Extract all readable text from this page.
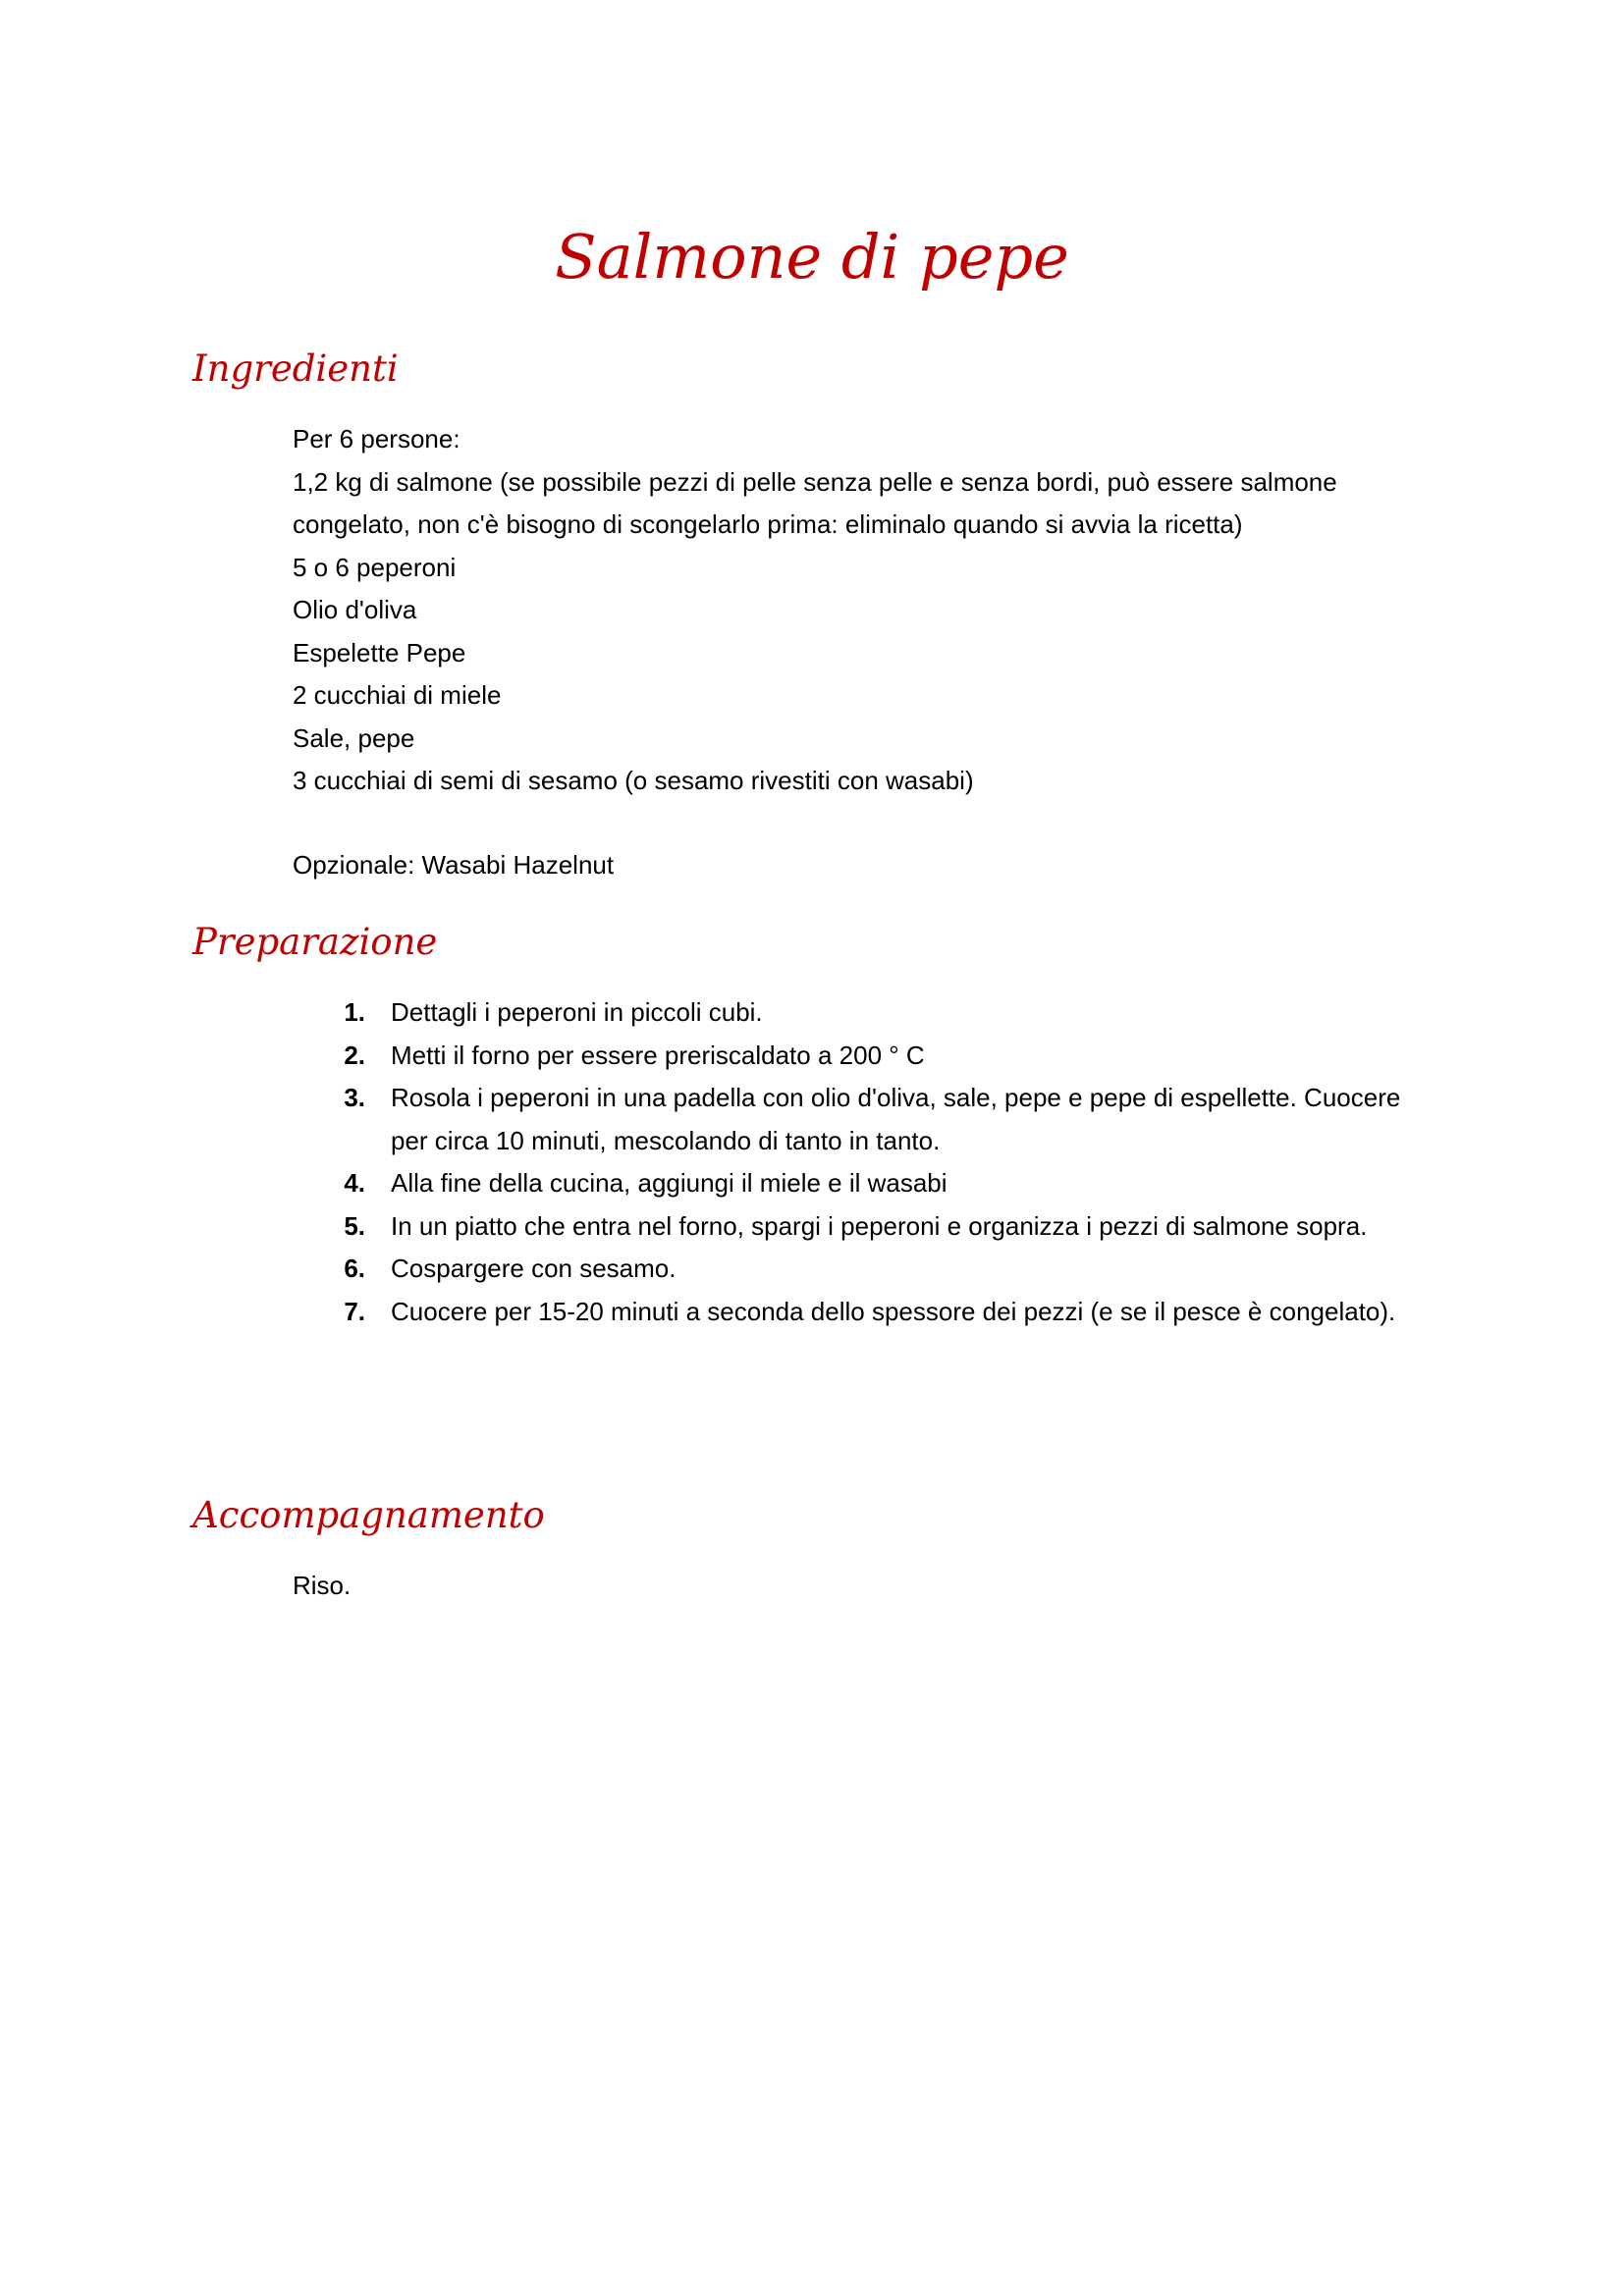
Salmone di pepe
Ingredienti
Per 6 persone:
1,2 kg di salmone (se possibile pezzi di pelle senza pelle e senza bordi, può essere salmone congelato, non c'è bisogno di scongelarlo prima: eliminalo quando si avvia la ricetta)
5 o 6 peperoni
Olio d'oliva
Espelette Pepe
2 cucchiai di miele
Sale, pepe
3 cucchiai di semi di sesamo (o sesamo rivestiti con wasabi)

Opzionale: Wasabi Hazelnut

Preparazione
1. Dettagli i peperoni in piccoli cubi.
2. Metti il forno per essere preriscaldato a 200 ° C
3. Rosola i peperoni in una padella con olio d'oliva, sale, pepe e pepe di espellette. Cuocere per circa 10 minuti, mescolando di tanto in tanto.
4. Alla fine della cucina, aggiungi il miele e il wasabi
5. In un piatto che entra nel forno, spargi i peperoni e organizza i pezzi di salmone sopra.
6. Cospargere con sesamo.
7. Cuocere per 15-20 minuti a seconda dello spessore dei pezzi (e se il pesce è congelato).
Accompagnamento

Riso.
